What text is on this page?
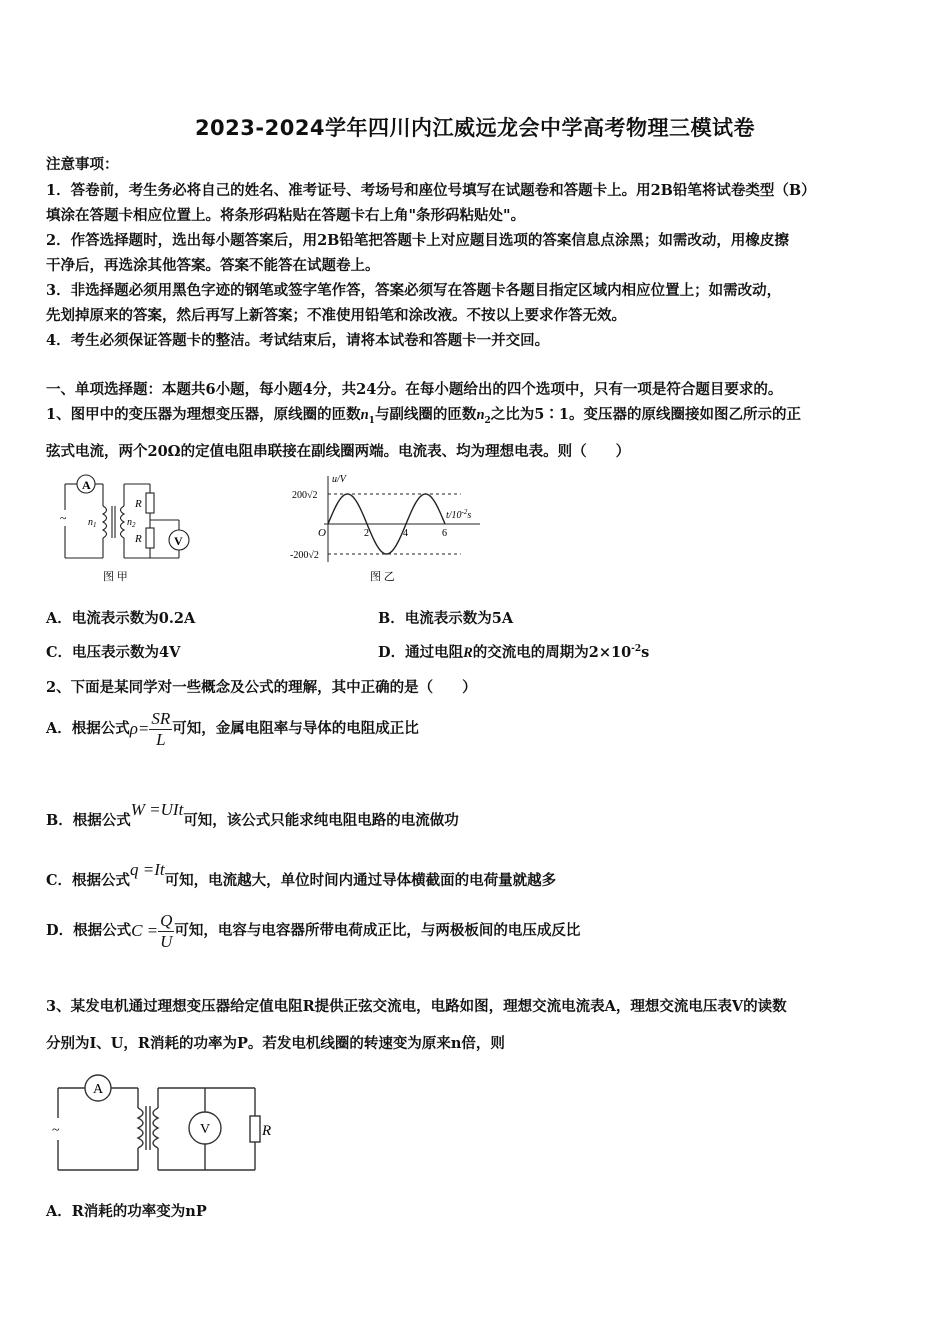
2023-2024学年四川内江威远龙会中学高考物理三模试卷
注意事项：
1．答卷前，考生务必将自己的姓名、准考证号、考场号和座位号填写在试题卷和答题卡上。用2B铅笔将试卷类型（B）
填涂在答题卡相应位置上。将条形码粘贴在答题卡右上角"条形码粘贴处"。
2．作答选择题时，选出每小题答案后，用2B铅笔把答题卡上对应题目选项的答案信息点涂黑；如需改动，用橡皮擦
干净后，再选涂其他答案。答案不能答在试题卷上。
3．非选择题必须用黑色字迹的钢笔或签字笔作答，答案必须写在答题卡各题目指定区域内相应位置上；如需改动，
先划掉原来的答案，然后再写上新答案；不准使用铅笔和涂改液。不按以上要求作答无效。
4．考生必须保证答题卡的整洁。考试结束后，请将本试卷和答题卡一并交回。
一、单项选择题：本题共6小题，每小题4分，共24分。在每小题给出的四个选项中，只有一项是符合题目要求的。
1、图甲中的变压器为理想变压器，原线圈的匝数$n_1$与副线圈的匝数$n_2$之比为5∶1。变压器的原线圈接如图乙所示的正
弦式电流，两个20Ω的定值电阻串联接在副线圈两端。电流表、均为理想电表。则（　　）
A
V
~ $n_1$	$n_2$
R
R
图 甲
u/V
$t/10^{-2}s$
200√2
-200√2
O	2	4	6
图 乙
A．电流表示数为0.2A	B．电流表示数为5A
C．电压表示数为4V	D．通过电阻R的交流电的周期为$2\times 10^{-2}s$
2、下面是某同学对一些概念及公式的理解，其中正确的是（　　）
A．根据公式$\rho= \frac{SR}{L}$ 可知，金属电阻率与导体的电阻成正比
B．根据公式W =UIt可知，该公式只能求纯电阻电路的电流做功
C．根据公式q =It可知，电流越大，单位时间内通过导体横截面的电荷量就越多
D．根据公式$C = \frac{Q}{U}$ 可知，电容与电容器所带电荷成正比，与两极板间的电压成反比
3、某发电机通过理想变压器给定值电阻R提供正弦交流电，电路如图，理想交流电流表A，理想交流电压表V的读数
分别为I、U，R消耗的功率为P。若发电机线圈的转速变为原来n倍，则
A
V
~	R
A．R消耗的功率变为nP
